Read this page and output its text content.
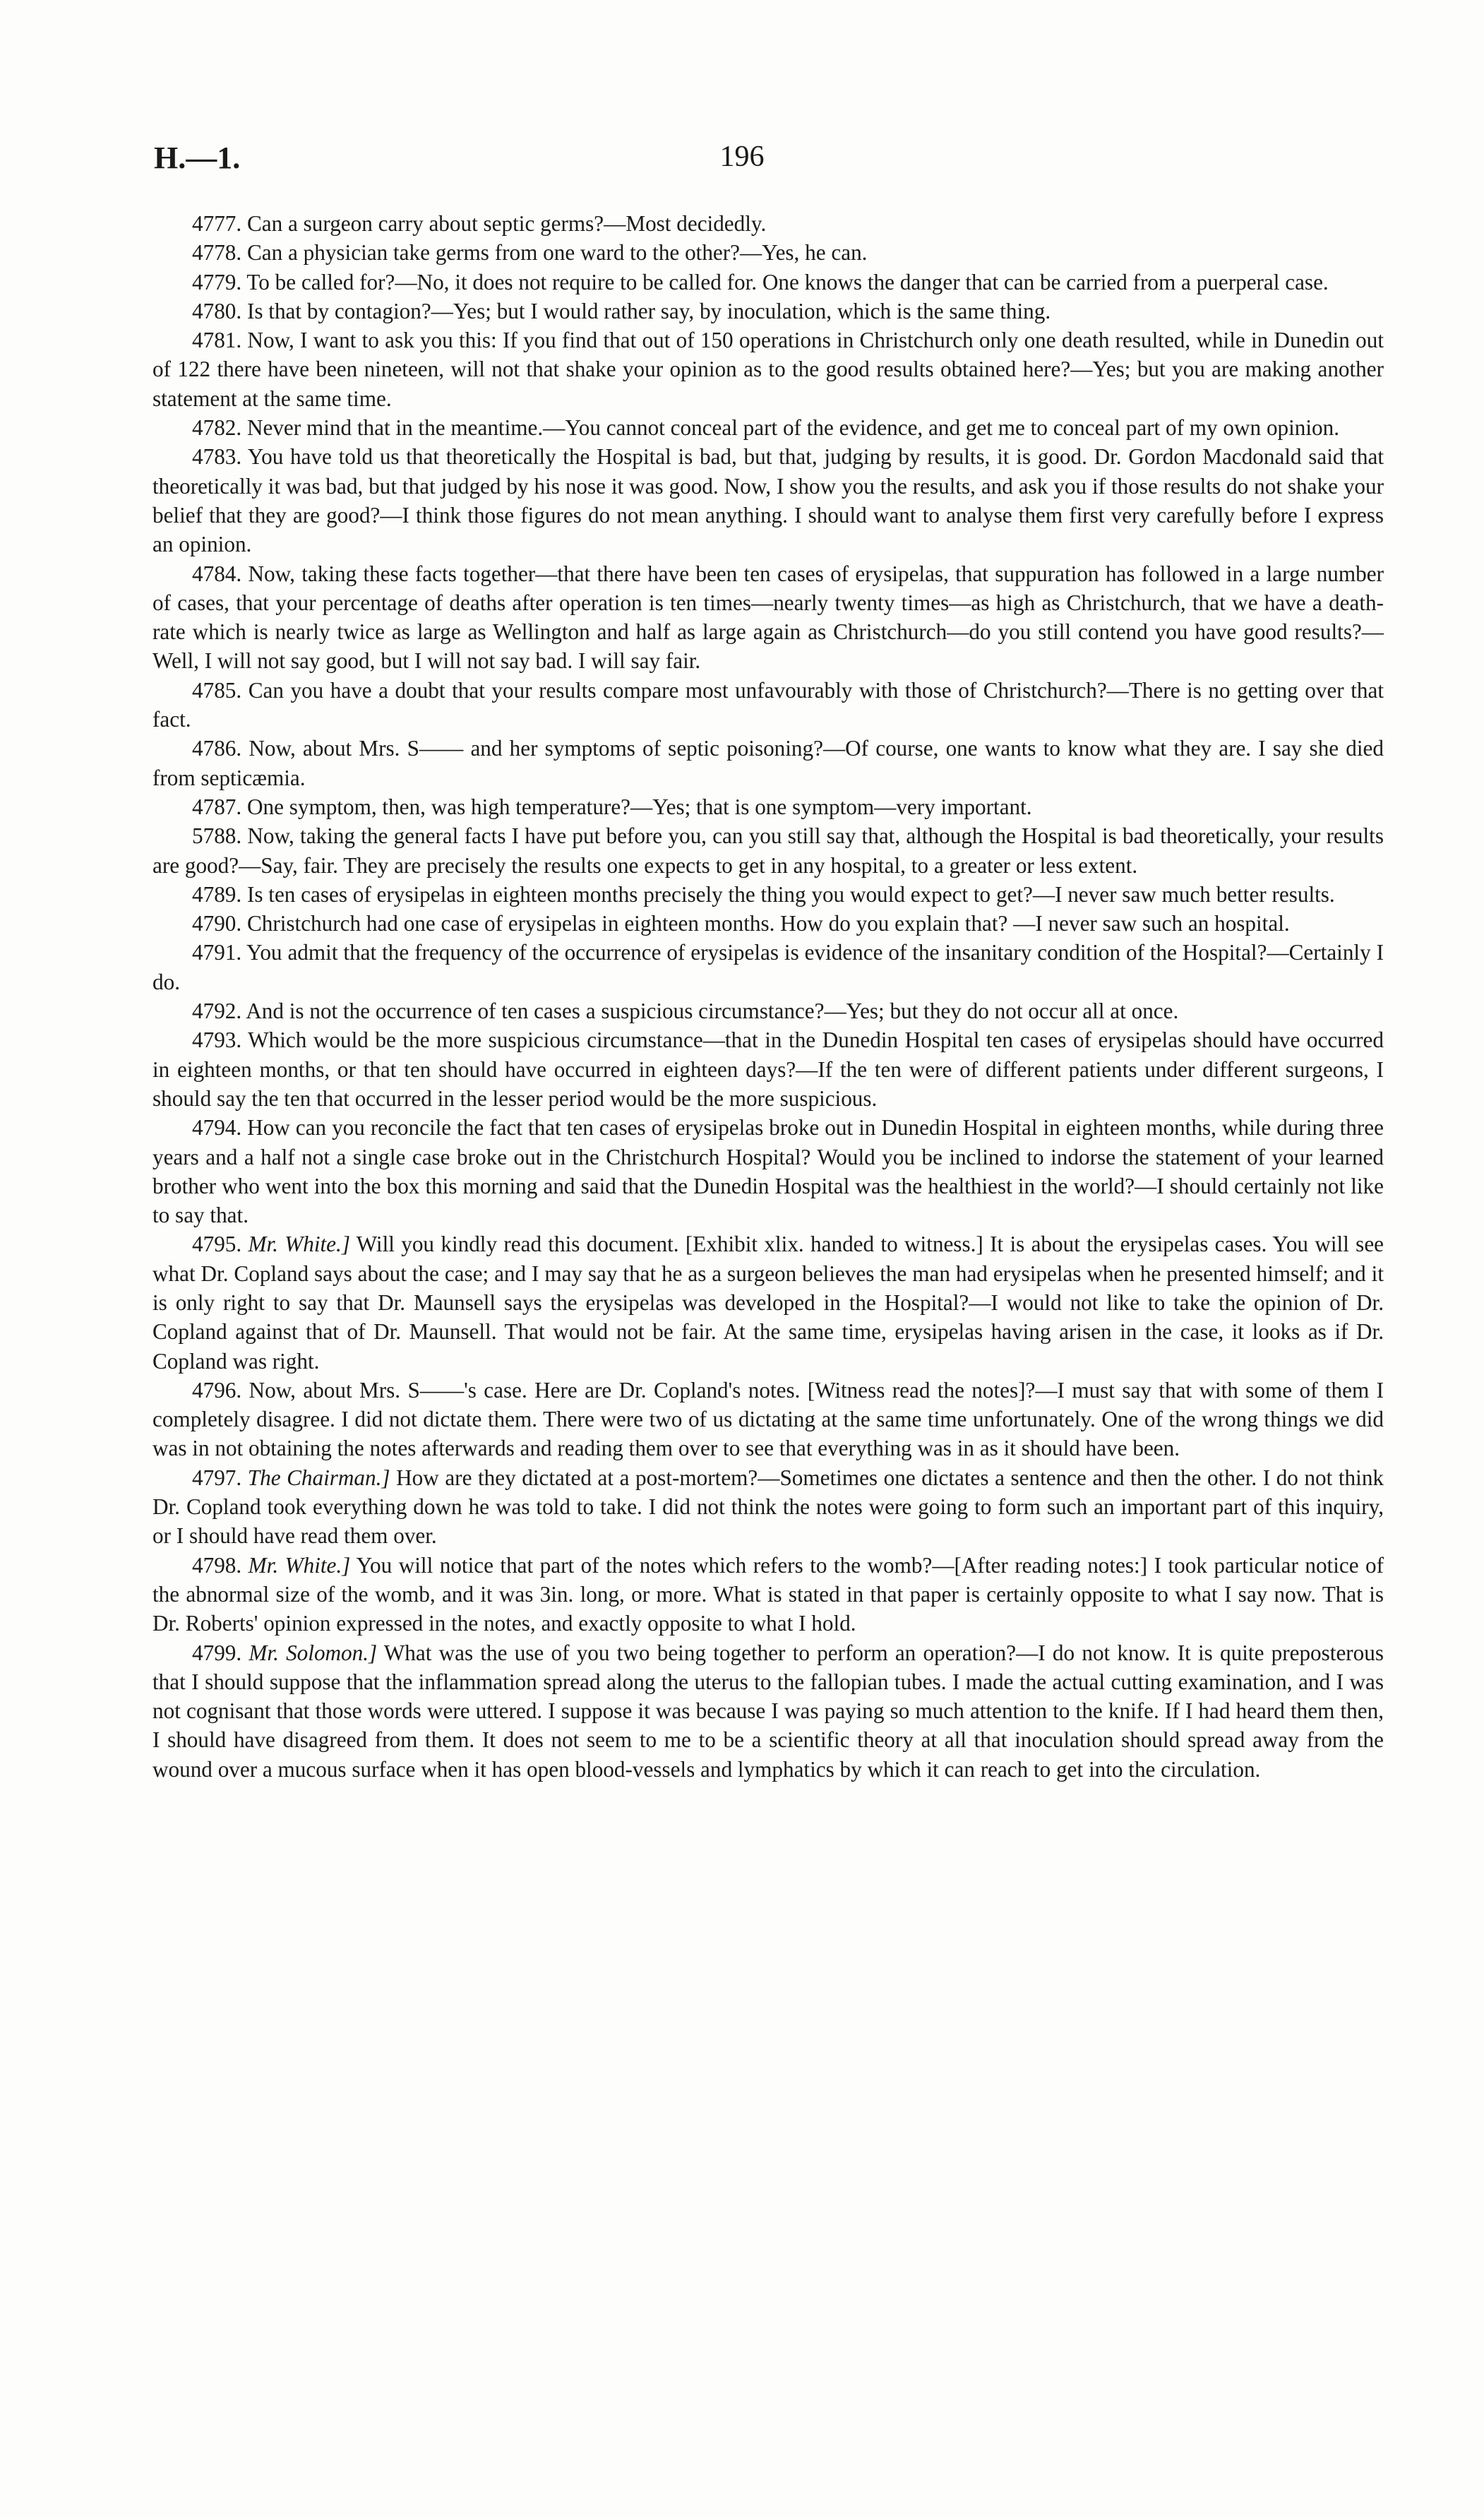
H.—1.	196

4777. Can a surgeon carry about septic germs?—Most decidedly.

4778. Can a physician take germs from one ward to the other?—Yes, he can.

4779. To be called for?—No, it does not require to be called for. One knows the danger that can be carried from a puerperal case.

4780. Is that by contagion?—Yes; but I would rather say, by inoculation, which is the same thing.

4781. Now, I want to ask you this: If you find that out of 150 operations in Christchurch only one death resulted, while in Dunedin out of 122 there have been nineteen, will not that shake your opinion as to the good results obtained here?—Yes; but you are making another statement at the same time.

4782. Never mind that in the meantime.—You cannot conceal part of the evidence, and get me to conceal part of my own opinion.

4783. You have told us that theoretically the Hospital is bad, but that, judging by results, it is good. Dr. Gordon Macdonald said that theoretically it was bad, but that judged by his nose it was good. Now, I show you the results, and ask you if those results do not shake your belief that they are good?—I think those figures do not mean anything. I should want to analyse them first very carefully before I express an opinion.

4784. Now, taking these facts together—that there have been ten cases of erysipelas, that suppuration has followed in a large number of cases, that your percentage of deaths after operation is ten times—nearly twenty times—as high as Christchurch, that we have a death-rate which is nearly twice as large as Wellington and half as large again as Christchurch—do you still contend you have good results?—Well, I will not say good, but I will not say bad. I will say fair.

4785. Can you have a doubt that your results compare most unfavourably with those of Christchurch?—There is no getting over that fact.

4786. Now, about Mrs. S—— and her symptoms of septic poisoning?—Of course, one wants to know what they are. I say she died from septicæmia.

4787. One symptom, then, was high temperature?—Yes; that is one symptom—very important.

5788. Now, taking the general facts I have put before you, can you still say that, although the Hospital is bad theoretically, your results are good?—Say, fair. They are precisely the results one expects to get in any hospital, to a greater or less extent.

4789. Is ten cases of erysipelas in eighteen months precisely the thing you would expect to get?—I never saw much better results.

4790. Christchurch had one case of erysipelas in eighteen months. How do you explain that? —I never saw such an hospital.

4791. You admit that the frequency of the occurrence of erysipelas is evidence of the insanitary condition of the Hospital?—Certainly I do.

4792. And is not the occurrence of ten cases a suspicious circumstance?—Yes; but they do not occur all at once.

4793. Which would be the more suspicious circumstance—that in the Dunedin Hospital ten cases of erysipelas should have occurred in eighteen months, or that ten should have occurred in eighteen days?—If the ten were of different patients under different surgeons, I should say the ten that occurred in the lesser period would be the more suspicious.

4794. How can you reconcile the fact that ten cases of erysipelas broke out in Dunedin Hospital in eighteen months, while during three years and a half not a single case broke out in the Christchurch Hospital? Would you be inclined to indorse the statement of your learned brother who went into the box this morning and said that the Dunedin Hospital was the healthiest in the world?—I should certainly not like to say that.

4795. Mr. White.] Will you kindly read this document. [Exhibit xlix. handed to witness.] It is about the erysipelas cases. You will see what Dr. Copland says about the case; and I may say that he as a surgeon believes the man had erysipelas when he presented himself; and it is only right to say that Dr. Maunsell says the erysipelas was developed in the Hospital?—I would not like to take the opinion of Dr. Copland against that of Dr. Maunsell. That would not be fair. At the same time, erysipelas having arisen in the case, it looks as if Dr. Copland was right.

4796. Now, about Mrs. S——'s case. Here are Dr. Copland's notes. [Witness read the notes]?—I must say that with some of them I completely disagree. I did not dictate them. There were two of us dictating at the same time unfortunately. One of the wrong things we did was in not obtaining the notes afterwards and reading them over to see that everything was in as it should have been.

4797. The Chairman.] How are they dictated at a post-mortem?—Sometimes one dictates a sentence and then the other. I do not think Dr. Copland took everything down he was told to take. I did not think the notes were going to form such an important part of this inquiry, or I should have read them over.

4798. Mr. White.] You will notice that part of the notes which refers to the womb?—[After reading notes:] I took particular notice of the abnormal size of the womb, and it was 3in. long, or more. What is stated in that paper is certainly opposite to what I say now. That is Dr. Roberts' opinion expressed in the notes, and exactly opposite to what I hold.

4799. Mr. Solomon.] What was the use of you two being together to perform an operation?—I do not know. It is quite preposterous that I should suppose that the inflammation spread along the uterus to the fallopian tubes. I made the actual cutting examination, and I was not cognisant that those words were uttered. I suppose it was because I was paying so much attention to the knife. If I had heard them then, I should have disagreed from them. It does not seem to me to be a scientific theory at all that inoculation should spread away from the wound over a mucous surface when it has open blood-vessels and lymphatics by which it can reach to get into the circulation.
